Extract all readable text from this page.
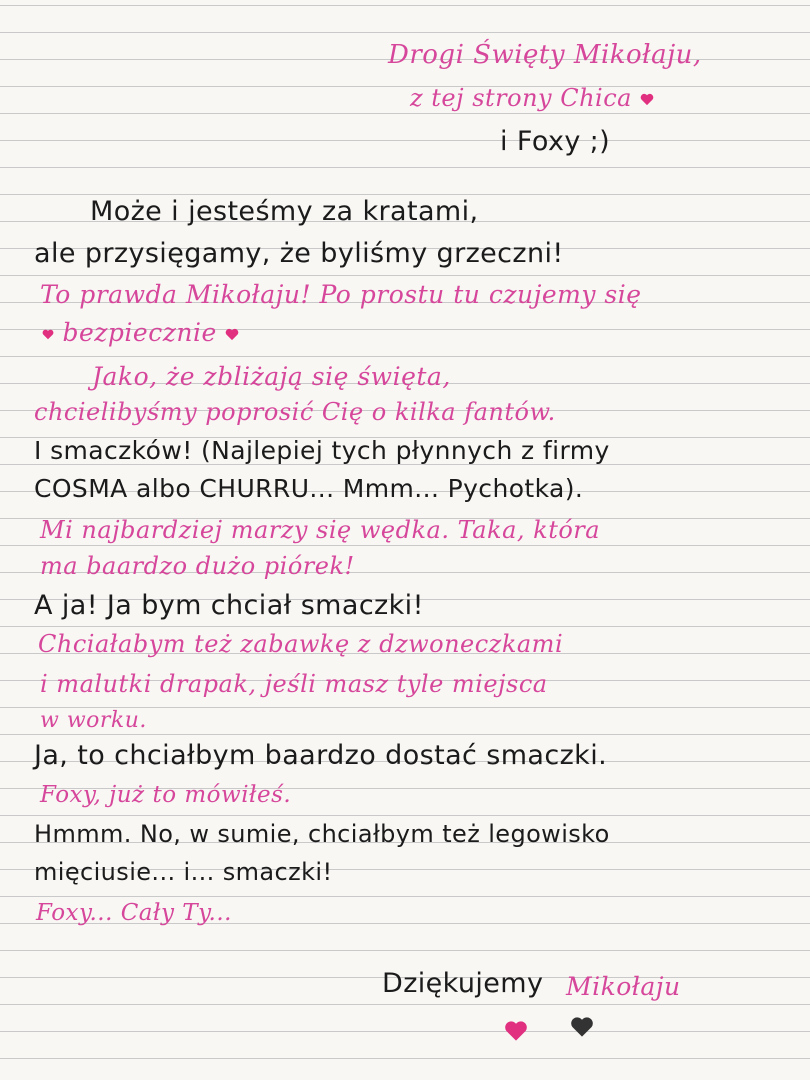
Drogi Święty Mikołaju,
z tej strony Chica
i Foxy ;)
Może i jesteśmy za kratami,
ale przysięgamy, że byliśmy grzeczni!
To prawda Mikołaju! Po prostu tu czujemy się
bezpiecznie
Jako, że zbliżają się święta,
chcielibyśmy poprosić Cię o kilka fantów.
I smaczków! (Najlepiej tych płynnych z firmy
COSMA albo CHURRU... Mmm... Pychotka).
Mi najbardziej marzy się wędka. Taka, która
ma baardzo dużo piórek!
A ja! Ja bym chciał smaczki!
Chciałabym też zabawkę z dzwoneczkami
i malutki drapak, jeśli masz tyle miejsca
w worku.
Ja, to chciałbym baardzo dostać smaczki.
Foxy, już to mówiłeś.
Hmmm. No, w sumie, chciałbym też legowisko
mięciusie... i... smaczki!
Foxy... Cały Ty...
Dziękujemy Mikołaju
